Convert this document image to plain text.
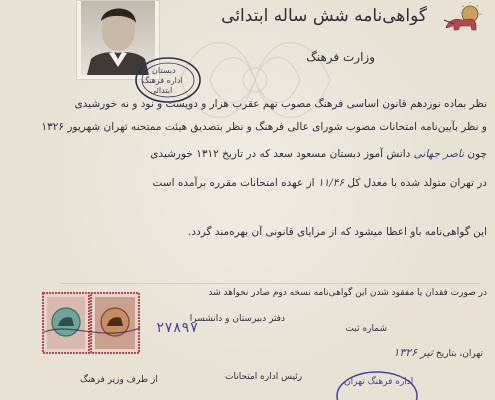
دبستان
اداره فرهنگ
ابتدائی
گواهی‌نامه شش ساله ابتدائی
وزارت فرهنگ
نظر بماده نوزدهم قانون اساسی فرهنگ مصوب نهم عقرب هزار و دویست و نود و نه خورشیدی
و نظر بآیین‌نامه امتحانات مصوب شورای عالی فرهنگ و نظر بتصدیق هیئت ممتحنه تهران شهریور ۱۳۲۶
چون ناصر جهانی دانش آموز دبستان مسعود سعد که در تاریخ ۱۳۱۲ خورشیدی
در تهران متولد شده با معدل کل ۱۱/۴۶ از عهده امتحانات مقرره برآمده است
این گواهی‌نامه باو اعطا میشود که از مزایای قانونی آن بهره‌مند گردد.
در صورت فقدان یا مفقود شدن این گواهی‌نامه نسخه دوم صادر نخواهد شد
۲۷۸۹۷
دفتر دبیرستان و دانشسرا
شماره ثبت
تهران، بتاریخ تیر ۱۳۲۶
از طرف وزیر فرهنگ	رئیس اداره امتحانات	اداره فرهنگ تهران
